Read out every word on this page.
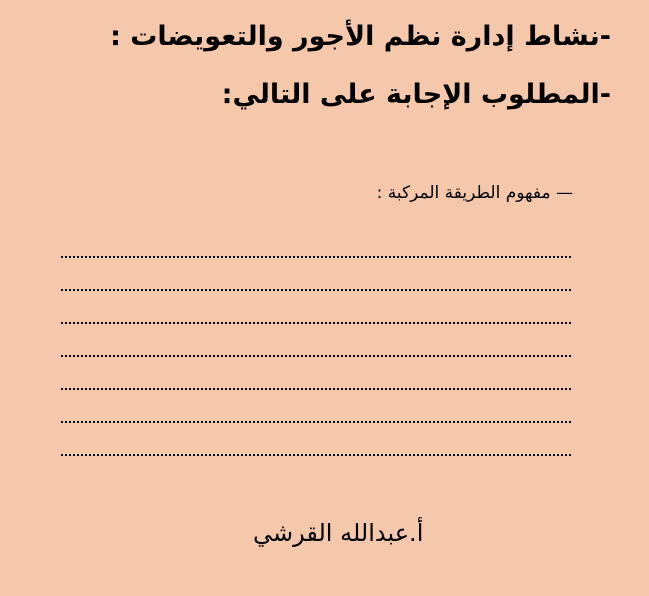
-نشاط إدارة نظم الأجور والتعويضات :
-المطلوب الإجابة على التالي:
— مفهوم الطريقة المركبة :
أ.عبدالله القرشي
